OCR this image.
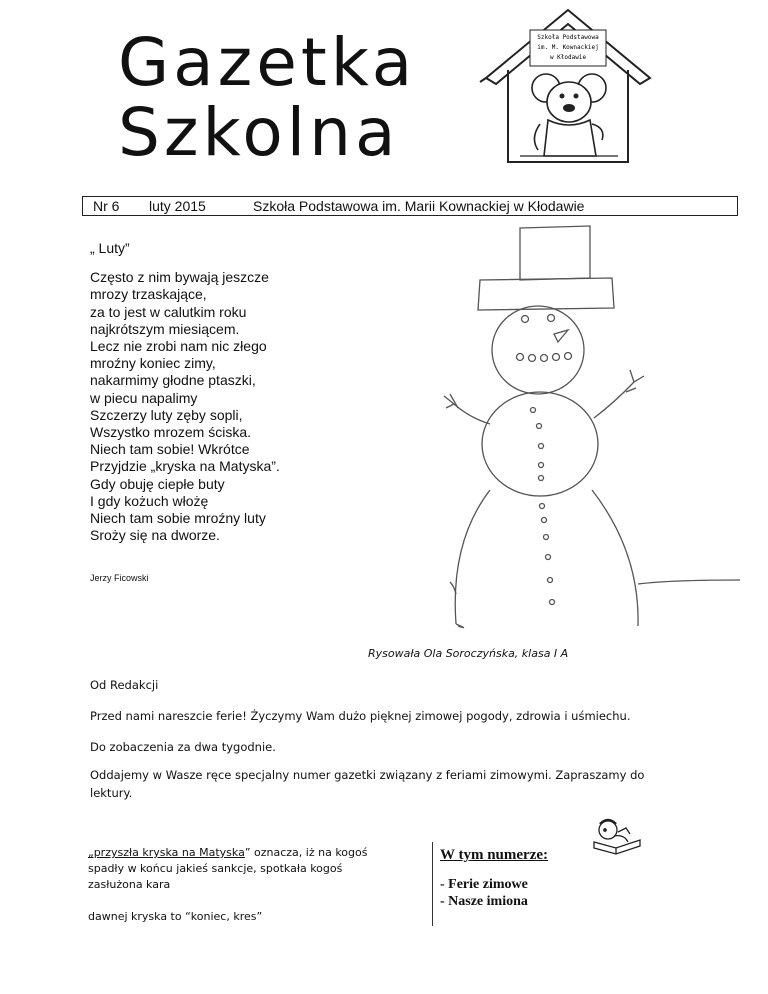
Gazetka
Szkolna
Szkoła Podstawowa
im. M. Kownackiej
w Kłodawie
Nr 6 luty 2015	Szkoła Podstawowa im. Marii Kownackiej w Kłodawie
„ Luty”
Często z nim bywają jeszcze
mrozy trzaskające,
za to jest w calutkim roku
najkrótszym miesiącem.
Lecz nie zrobi nam nic złego
mroźny koniec zimy,
nakarmimy głodne ptaszki,
w piecu napalimy
Szczerzy luty zęby sopli,
Wszystko mrozem ściska.
Niech tam sobie! Wkrótce
Przyjdzie „kryska na Matyska”.
Gdy obuję ciepłe buty
I gdy kożuch włożę
Niech tam sobie mroźny luty
Sroży się na dworze.
Jerzy Ficowski
Rysowała Ola Soroczyńska, klasa I A
Od Redakcji
Przed nami nareszcie ferie! Życzymy Wam dużo pięknej zimowej pogody, zdrowia i uśmiechu.
Do zobaczenia za dwa tygodnie.
Oddajemy w Wasze ręce specjalny numer gazetki związany z feriami zimowymi. Zapraszamy do
lektury.
„przyszła kryska na Matyska” oznacza, iż na kogoś
spadły w końcu jakieś sankcje, spotkała kogoś
zasłużona kara
dawnej kryska to “koniec, kres”
W tym numerze:
- Ferie zimowe
- Nasze imiona
